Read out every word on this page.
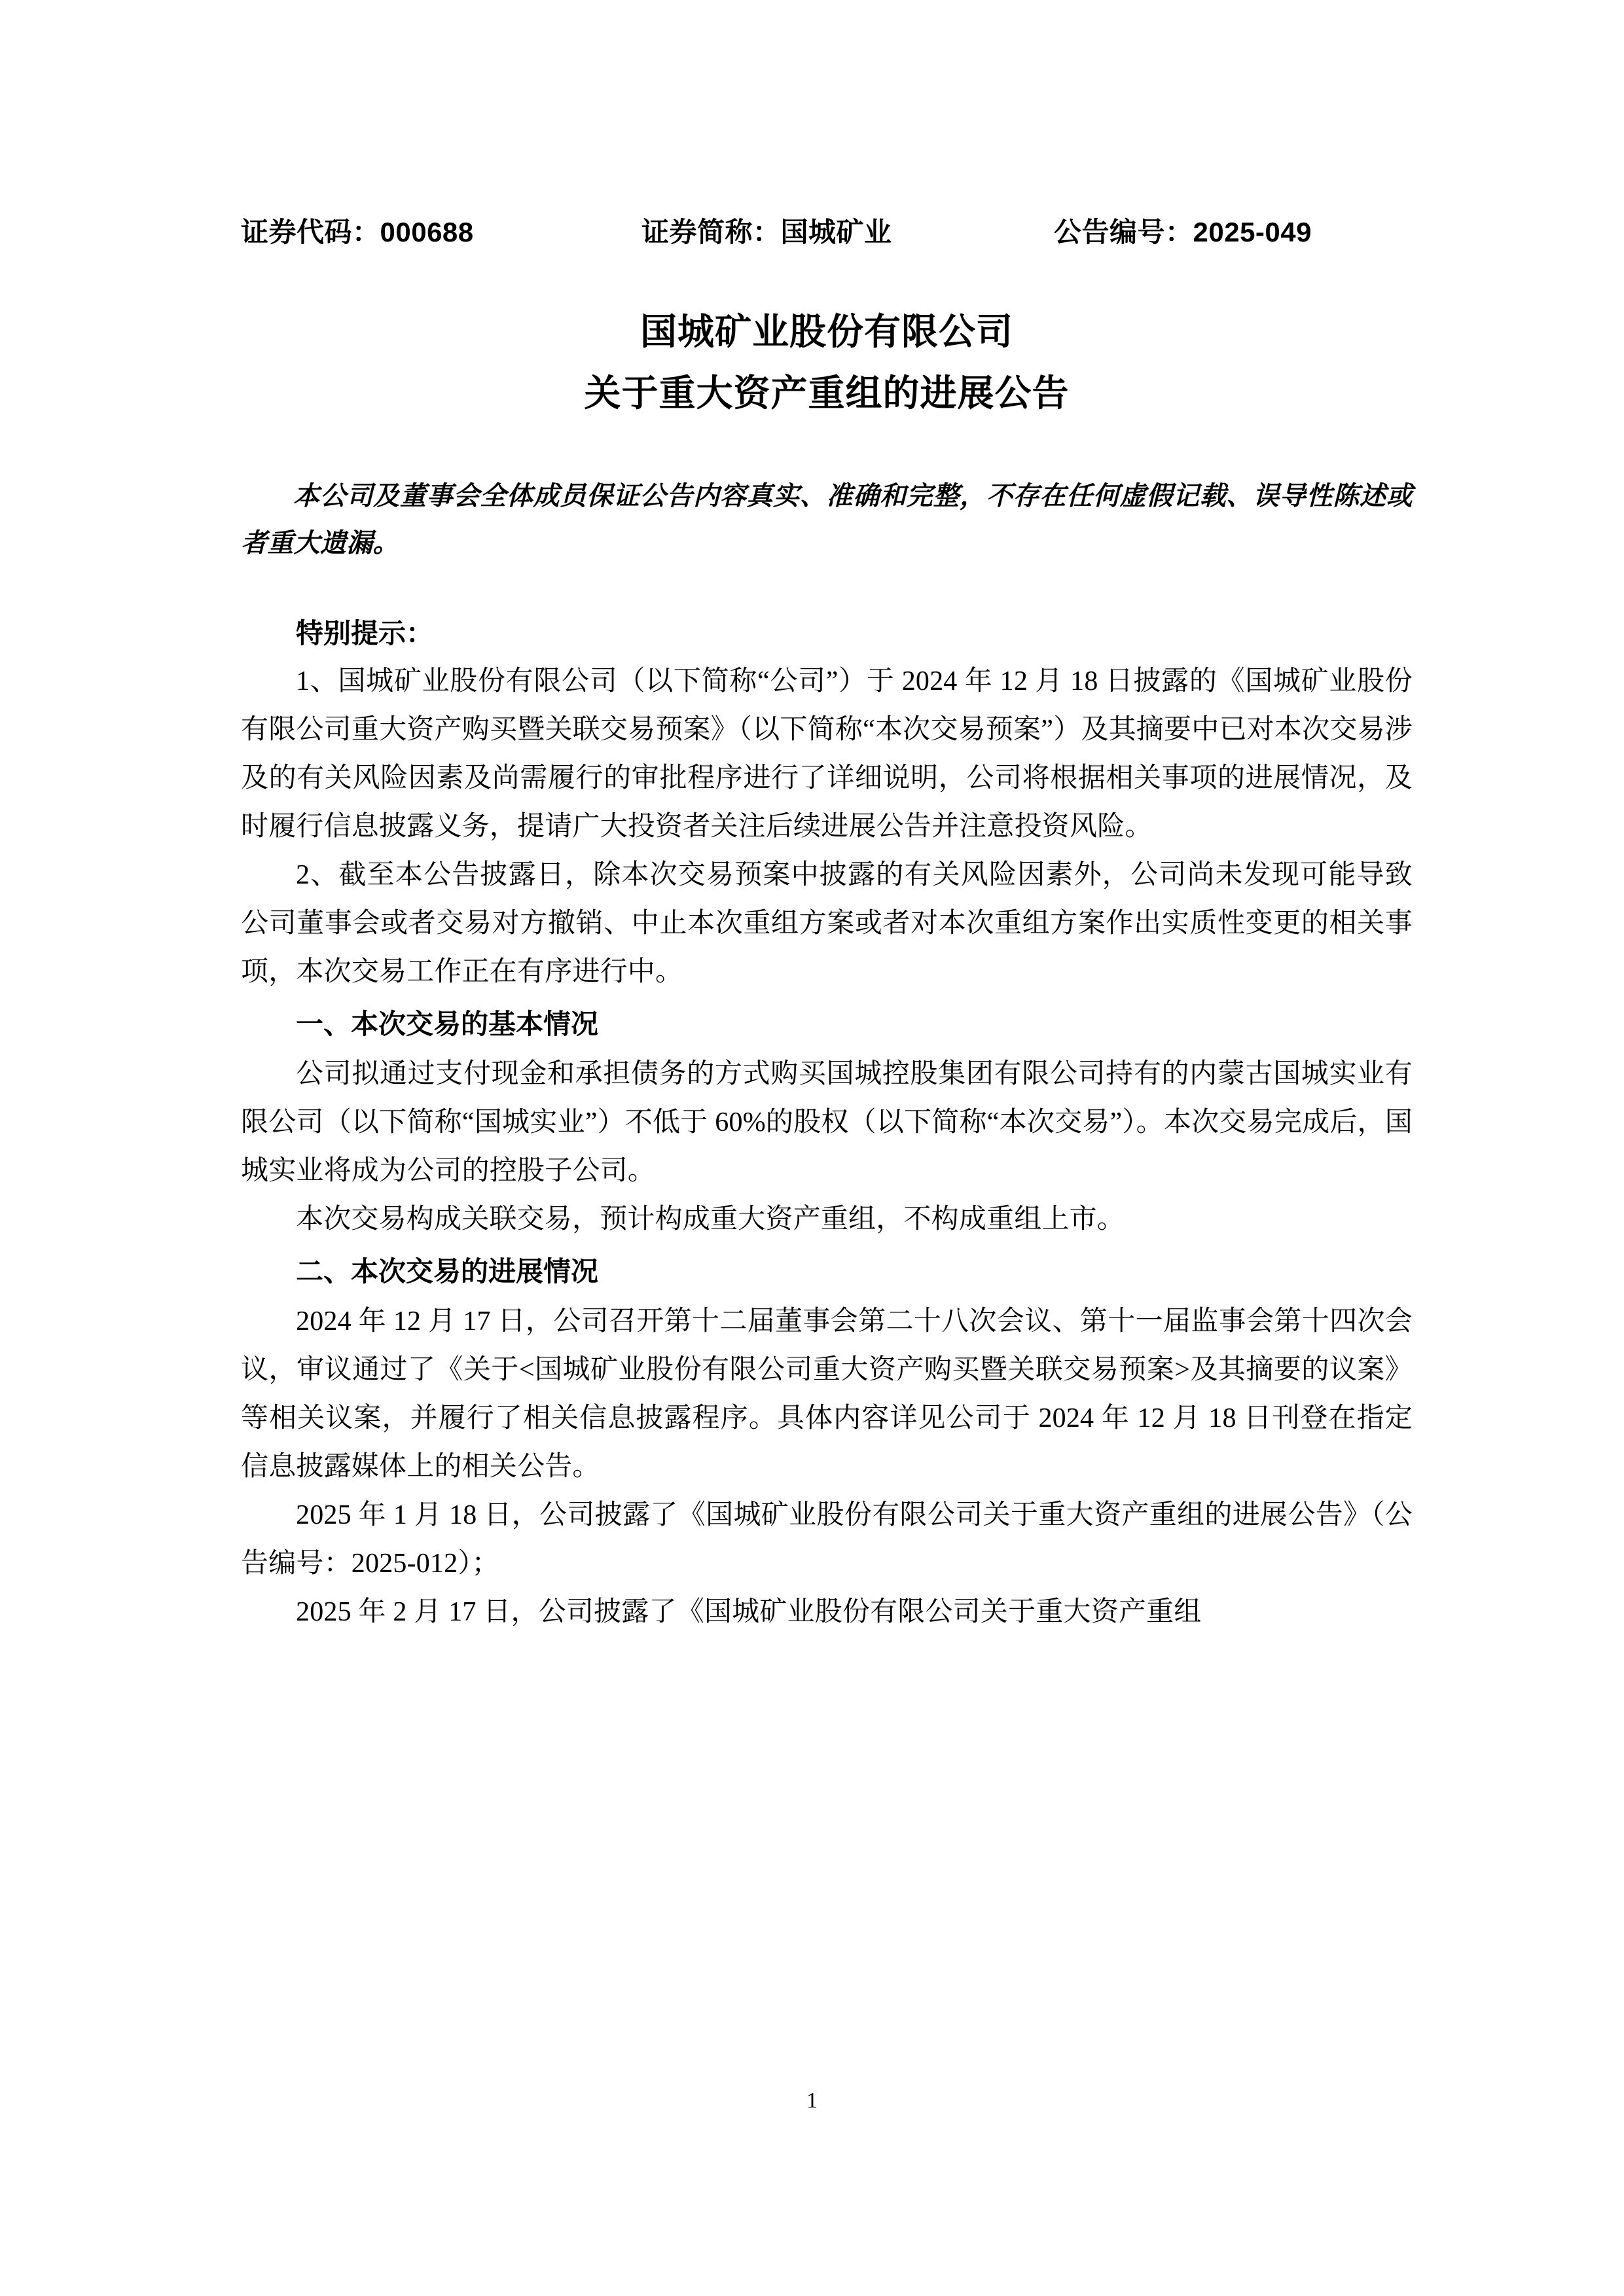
证券代码：000688	证券简称：国城矿业	公告编号：2025-049
国城矿业股份有限公司
关于重大资产重组的进展公告

本公司及董事会全体成员保证公告内容真实、准确和完整，不存在任何虚假记载、误导性陈述或者重大遗漏。

特别提示：

1、国城矿业股份有限公司（以下简称“公司”）于 2024 年 12 月 18 日披露的《国城矿业股份有限公司重大资产购买暨关联交易预案》（以下简称“本次交易预案”）及其摘要中已对本次交易涉及的有关风险因素及尚需履行的审批程序进行了详细说明，公司将根据相关事项的进展情况，及时履行信息披露义务，提请广大投资者关注后续进展公告并注意投资风险。

2、截至本公告披露日，除本次交易预案中披露的有关风险因素外，公司尚未发现可能导致公司董事会或者交易对方撤销、中止本次重组方案或者对本次重组方案作出实质性变更的相关事项，本次交易工作正在有序进行中。

一、本次交易的基本情况

公司拟通过支付现金和承担债务的方式购买国城控股集团有限公司持有的内蒙古国城实业有限公司（以下简称“国城实业”）不低于 60%的股权（以下简称“本次交易”）。本次交易完成后，国城实业将成为公司的控股子公司。

本次交易构成关联交易，预计构成重大资产重组，不构成重组上市。

二、本次交易的进展情况

2024 年 12 月 17 日，公司召开第十二届董事会第二十八次会议、第十一届监事会第十四次会议，审议通过了《关于<国城矿业股份有限公司重大资产购买暨关联交易预案>及其摘要的议案》等相关议案，并履行了相关信息披露程序。具体内容详见公司于 2024 年 12 月 18 日刊登在指定信息披露媒体上的相关公告。

2025 年 1 月 18 日，公司披露了《国城矿业股份有限公司关于重大资产重组的进展公告》（公告编号：2025-012）；

2025 年 2 月 17 日，公司披露了《国城矿业股份有限公司关于重大资产重组

1
